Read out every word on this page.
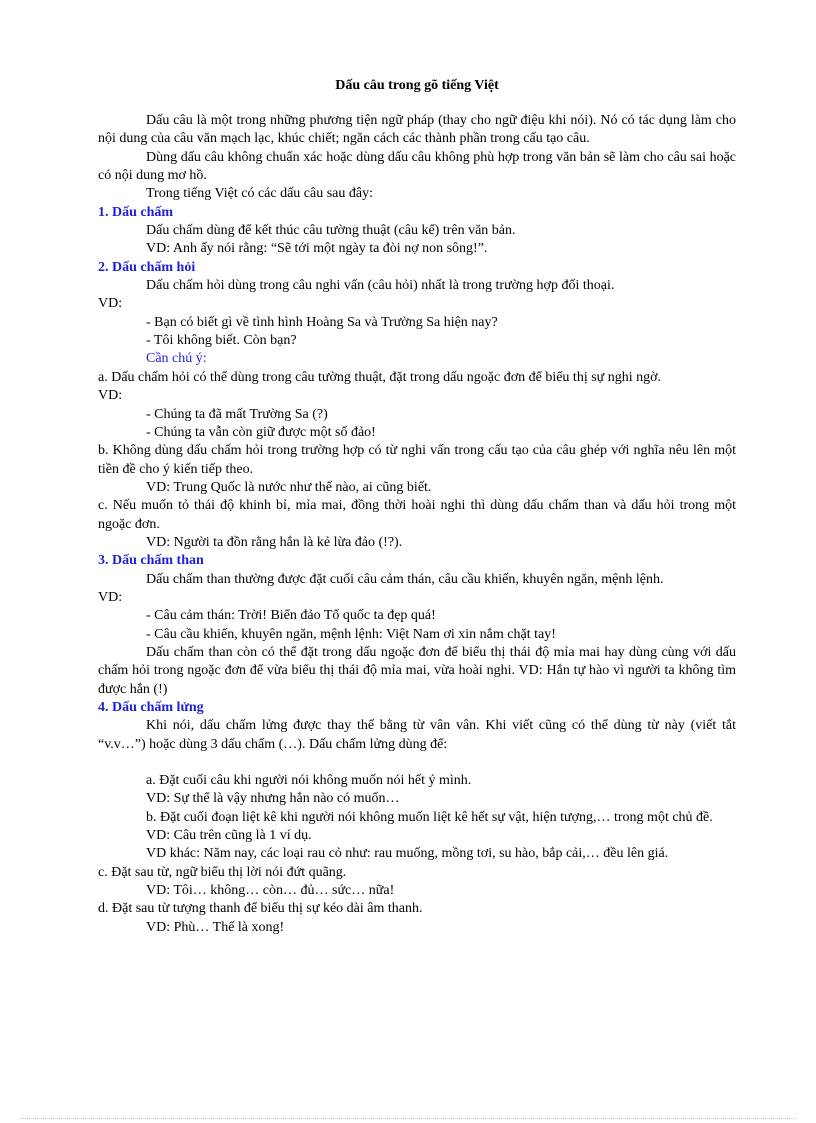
Dấu câu trong gõ tiếng Việt

Dấu câu là một trong những phương tiện ngữ pháp (thay cho ngữ điệu khi nói). Nó có tác dụng làm cho nội dung của câu văn mạch lạc, khúc chiết; ngăn cách các thành phần trong cấu tạo câu.

Dùng dấu câu không chuẩn xác hoặc dùng dấu câu không phù hợp trong văn bản sẽ làm cho câu sai hoặc có nội dung mơ hồ.

Trong tiếng Việt có các dấu câu sau đây:

1. Dấu chấm

Dấu chấm dùng để kết thúc câu tường thuật (câu kể) trên văn bản.

VD: Anh ấy nói rằng: “Sẽ tới một ngày ta đòi nợ non sông!”.

2. Dấu chấm hỏi

Dấu chấm hỏi dùng trong câu nghi vấn (câu hỏi) nhất là trong trường hợp đối thoại.

VD:

- Bạn có biết gì về tình hình Hoàng Sa và Trường Sa hiện nay?

- Tôi không biết. Còn bạn?

Cần chú ý:

a. Dấu chấm hỏi có thể dùng trong câu tường thuật, đặt trong dấu ngoặc đơn để biểu thị sự nghi ngờ.

VD:

- Chúng ta đã mất Trường Sa (?)

- Chúng ta vẫn còn giữ được một số đảo!

b. Không dùng dấu chấm hỏi trong trường hợp có từ nghi vấn trong cấu tạo của câu ghép với nghĩa nêu lên một tiền đề cho ý kiến tiếp theo.

VD: Trung Quốc là nước như thế nào, ai cũng biết.

c. Nếu muốn tỏ thái độ khinh bỉ, mỉa mai, đồng thời hoài nghi thì dùng dấu chấm than và dấu hỏi trong một ngoặc đơn.

VD: Người ta đồn rằng hắn là kẻ lừa đảo (!?).

3. Dấu chấm than

Dấu chấm than thường được đặt cuối câu cảm thán, câu cầu khiến, khuyên ngăn, mệnh lệnh.

VD:

- Câu cảm thán: Trời! Biển đảo Tổ quốc ta đẹp quá!

- Câu cầu khiến, khuyên ngăn, mệnh lệnh: Việt Nam ơi xin nắm chặt tay!

Dấu chấm than còn có thể đặt trong dấu ngoặc đơn để biểu thị thái độ mỉa mai hay dùng cùng với dấu chấm hỏi trong ngoặc đơn để vừa biểu thị thái độ mỉa mai, vừa hoài nghi. VD: Hắn tự hào vì người ta không tìm được hắn (!)

4. Dấu chấm lửng

Khi nói, dấu chấm lửng được thay thế bằng từ vân vân. Khi viết cũng có thể dùng từ này (viết tắt “v.v…”) hoặc dùng 3 dấu chấm (…). Dấu chấm lửng dùng để:

a. Đặt cuối câu khi người nói không muốn nói hết ý mình.

VD: Sự thể là vậy nhưng hắn nào có muốn…

b. Đặt cuối đoạn liệt kê khi người nói không muốn liệt kê hết sự vật, hiện tượng,… trong một chủ đề.

VD: Câu trên cũng là 1 ví dụ.

VD khác: Năm nay, các loại rau cỏ như: rau muống, mồng tơi, su hào, bắp cải,… đều lên giá.

c. Đặt sau từ, ngữ biểu thị lời nói đứt quãng.

VD: Tôi… không… còn… đủ… sức… nữa!

d. Đặt sau từ tượng thanh để biểu thị sự kéo dài âm thanh.

VD: Phù… Thế là xong!
